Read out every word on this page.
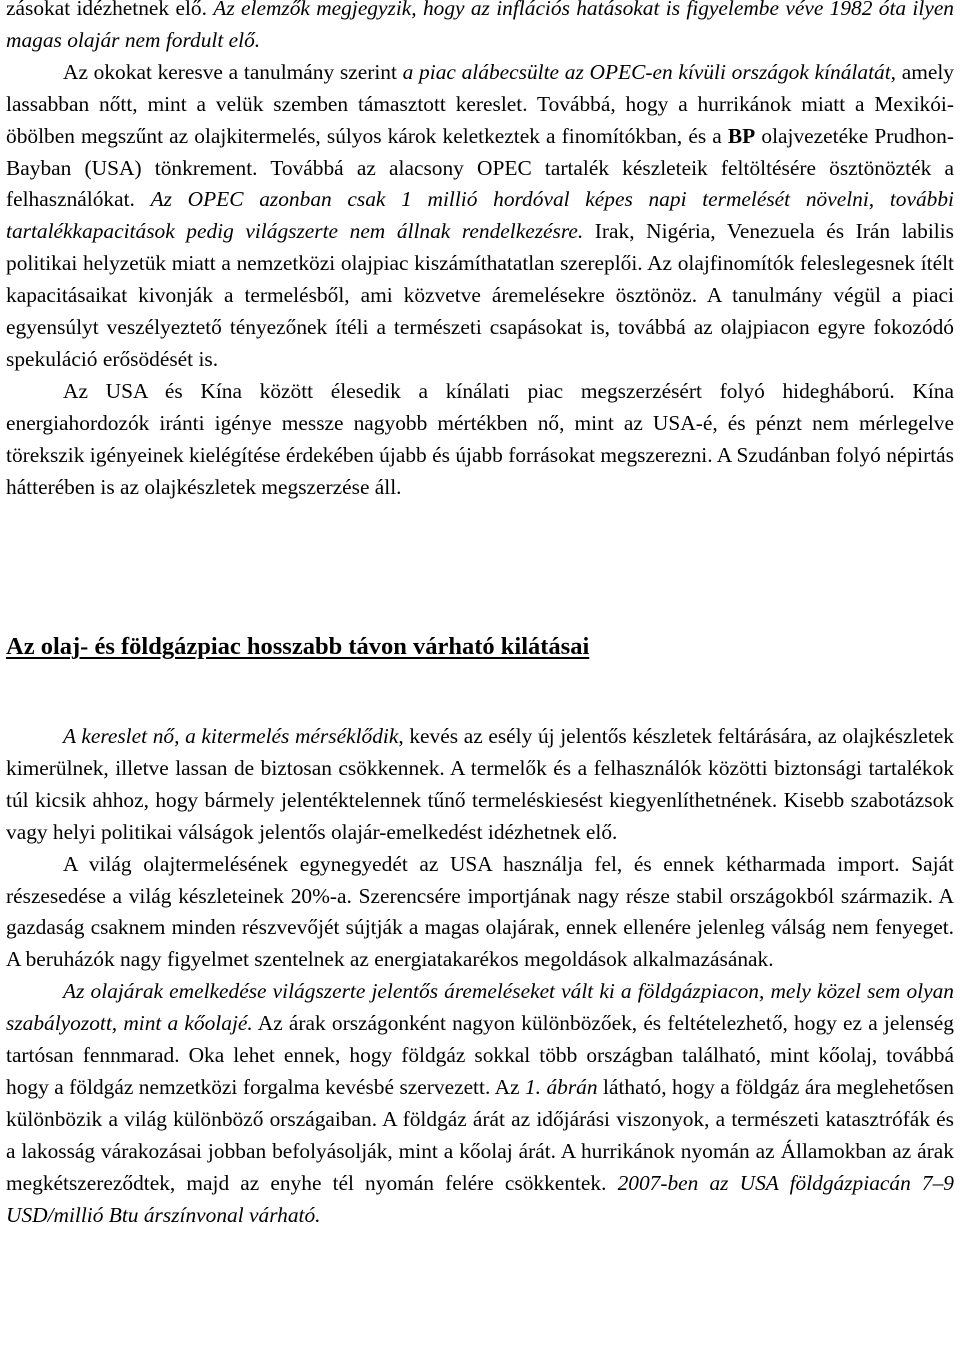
zásokat idézhetnek elő. Az elemzők megjegyzik, hogy az inflációs hatásokat is figyelembe véve 1982 óta ilyen magas olajár nem fordult elő.

Az okokat keresve a tanulmány szerint a piac alábecsülte az OPEC-en kívüli országok kínálatát, amely lassabban nőtt, mint a velük szemben támasztott kereslet. Továbbá, hogy a hurrikánok miatt a Mexikói-öbölben megszűnt az olajkitermelés, súlyos károk keletkeztek a finomítókban, és a BP olajvezetéke Prudhon-Bayban (USA) tönkrement. Továbbá az alacsony OPEC tartalék készleteik feltöltésére ösztönözték a felhasználókat. Az OPEC azonban csak 1 millió hordóval képes napi termelését növelni, további tartalékkapacitások pedig világszerte nem állnak rendelkezésre. Irak, Nigéria, Venezuela és Irán labilis politikai helyzetük miatt a nemzetközi olajpiac kiszámíthatatlan szereplői. Az olajfinomítók feleslegesnek ítélt kapacitásaikat kivonják a termelésből, ami közvetve áremelésekre ösztönöz. A tanulmány végül a piaci egyensúlyt veszélyeztető tényezőnek ítéli a természeti csapásokat is, továbbá az olajpiacon egyre fokozódó spekuláció erősödését is.

Az USA és Kína között élesedik a kínálati piac megszerzésért folyó hidegháború. Kína energiahordozók iránti igénye messze nagyobb mértékben nő, mint az USA-é, és pénzt nem mérlegelve törekszik igényeinek kielégítése érdekében újabb és újabb forrásokat megszerezni. A Szudánban folyó népirtás hátterében is az olajkészletek megszerzése áll.

Az olaj- és földgázpiac hosszabb távon várható kilátásai

A kereslet nő, a kitermelés mérséklődik, kevés az esély új jelentős készletek feltárására, az olajkészletek kimerülnek, illetve lassan de biztosan csökkennek. A termelők és a felhasználók közötti biztonsági tartalékok túl kicsik ahhoz, hogy bármely jelentéktelennek tűnő termeléskiesést kiegyenlíthetnének. Kisebb szabotázsok vagy helyi politikai válságok jelentős olajár-emelkedést idézhetnek elő.

A világ olajtermelésének egynegyedét az USA használja fel, és ennek kétharmada import. Saját részesedése a világ készleteinek 20%-a. Szerencsére importjának nagy része stabil országokból származik. A gazdaság csaknem minden részvevőjét sújtják a magas olajárak, ennek ellenére jelenleg válság nem fenyeget. A beruházók nagy figyelmet szentelnek az energiatakarékos megoldások alkalmazásának.

Az olajárak emelkedése világszerte jelentős áremeléseket vált ki a földgázpiacon, mely közel sem olyan szabályozott, mint a kőolajé. Az árak országonként nagyon különbözőek, és feltételezhető, hogy ez a jelenség tartósan fennmarad. Oka lehet ennek, hogy földgáz sokkal több országban található, mint kőolaj, továbbá hogy a földgáz nemzetközi forgalma kevésbé szervezett. Az 1. ábrán látható, hogy a földgáz ára meglehetősen különbözik a világ különböző országaiban. A földgáz árát az időjárási viszonyok, a természeti katasztrófák és a lakosság várakozásai jobban befolyásolják, mint a kőolaj árát. A hurrikánok nyomán az Államokban az árak megkétszereződtek, majd az enyhe tél nyomán felére csökkentek. 2007-ben az USA földgázpiacán 7–9 USD/millió Btu árszínvonal várható.
